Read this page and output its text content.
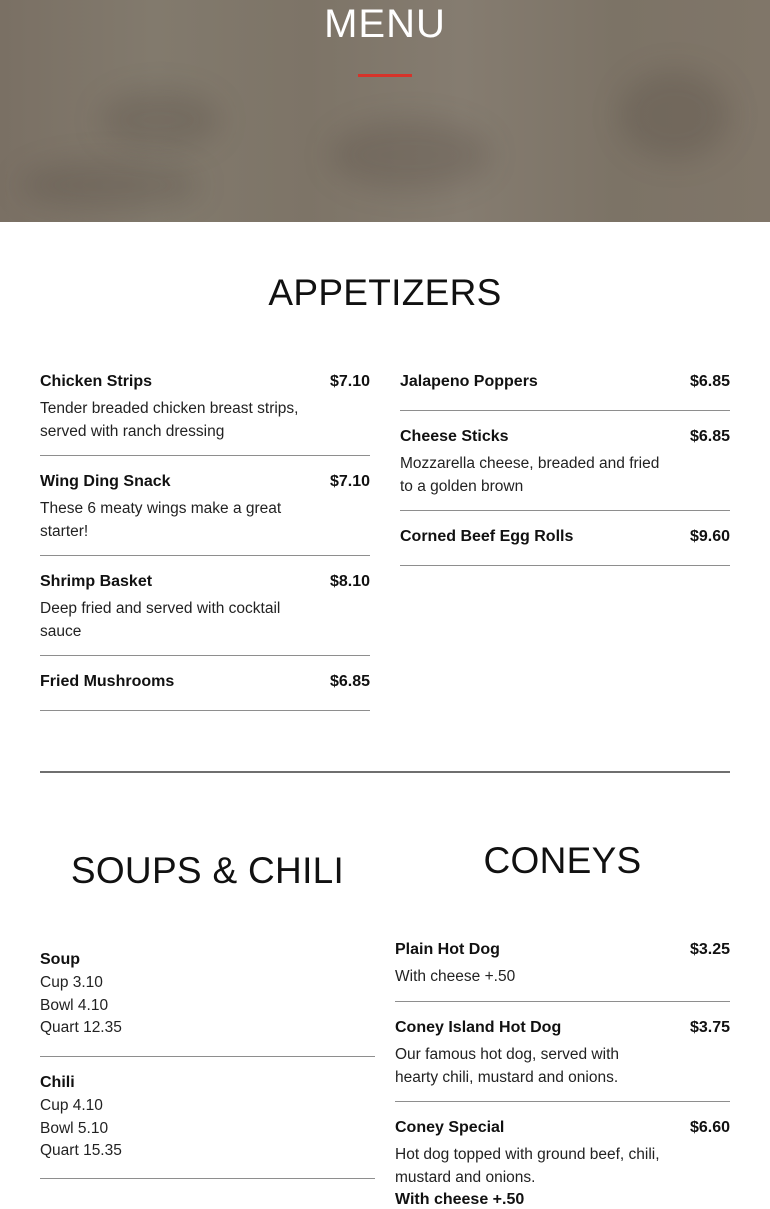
MENU
APPETIZERS
Chicken Strips	$7.10
Tender breaded chicken breast strips, served with ranch dressing
Wing Ding Snack	$7.10
These 6 meaty wings make a great starter!
Shrimp Basket	$8.10
Deep fried and served with cocktail sauce
Fried Mushrooms	$6.85
Jalapeno Poppers	$6.85
Cheese Sticks	$6.85
Mozzarella cheese, breaded and fried to a golden brown
Corned Beef Egg Rolls	$9.60
SOUPS & CHILI
Soup
Cup 3.10
Bowl 4.10
Quart 12.35
Chili
Cup 4.10
Bowl 5.10
Quart 15.35
CONEYS
Plain Hot Dog	$3.25
With cheese +.50
Coney Island Hot Dog	$3.75
Our famous hot dog, served with hearty chili, mustard and onions.
Coney Special	$6.60
Hot dog topped with ground beef, chili, mustard and onions.
With cheese +.50
